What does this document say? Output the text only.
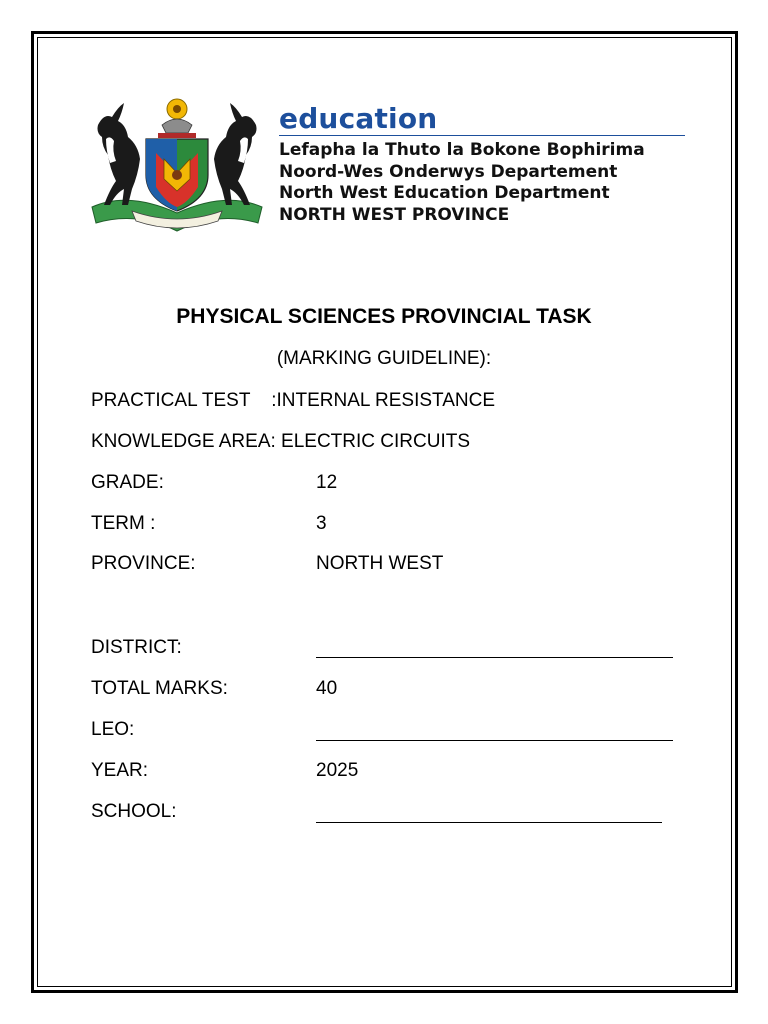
education
Lefapha la Thuto la Bokone Bophirima
Noord-Wes Onderwys Departement
North West Education Department
NORTH WEST PROVINCE
PHYSICAL SCIENCES PROVINCIAL TASK
(MARKING GUIDELINE):
PRACTICAL TEST    :INTERNAL RESISTANCE
KNOWLEDGE AREA: ELECTRIC CIRCUITS
GRADE:	12
TERM :	3
PROVINCE:	NORTH WEST
DISTRICT:
TOTAL MARKS:	40
LEO:
YEAR:	2025
SCHOOL:
